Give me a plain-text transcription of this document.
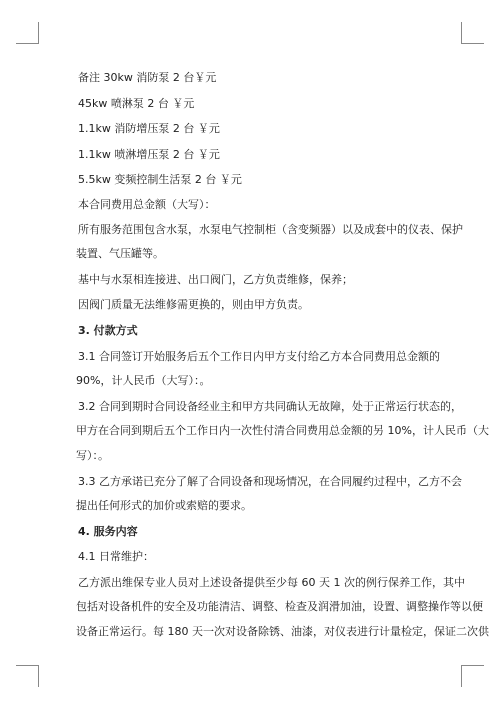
备注 30kw 消防泵 2 台￥元
45kw 喷淋泵 2 台 ￥元
1.1kw 消防增压泵 2 台 ￥元
1.1kw 喷淋增压泵 2 台 ￥元
5.5kw 变频控制生活泵 2 台 ￥元
本合同费用总金额（大写）：
所有服务范围包含水泵，水泵电气控制柜（含变频器）以及成套中的仪表、保护
装置、气压罐等。
基中与水泵相连接进、出口阀门，乙方负责维修，保养；
因阀门质量无法维修需更换的，则由甲方负责。
3. 付款方式
3.1 合同签订开始服务后五个工作日内甲方支付给乙方本合同费用总金额的
90%，计人民币（大写）：。
3.2 合同到期时合同设备经业主和甲方共同确认无故障，处于正常运行状态的，
甲方在合同到期后五个工作日内一次性付清合同费用总金额的另 10%，计人民币（大
写）：。
3.3 乙方承诺已充分了解了合同设备和现场情况，在合同履约过程中，乙方不会
提出任何形式的加价或索赔的要求。
4. 服务内容
4.1 日常维护：
乙方派出维保专业人员对上述设备提供至少每 60 天 1 次的例行保养工作，其中
包括对设备机件的安全及功能清洁、调整、检查及润滑加油，设置、调整操作等以便
设备正常运行。每 180 天一次对设备除锈、油漆，对仪表进行计量检定，保证二次供
